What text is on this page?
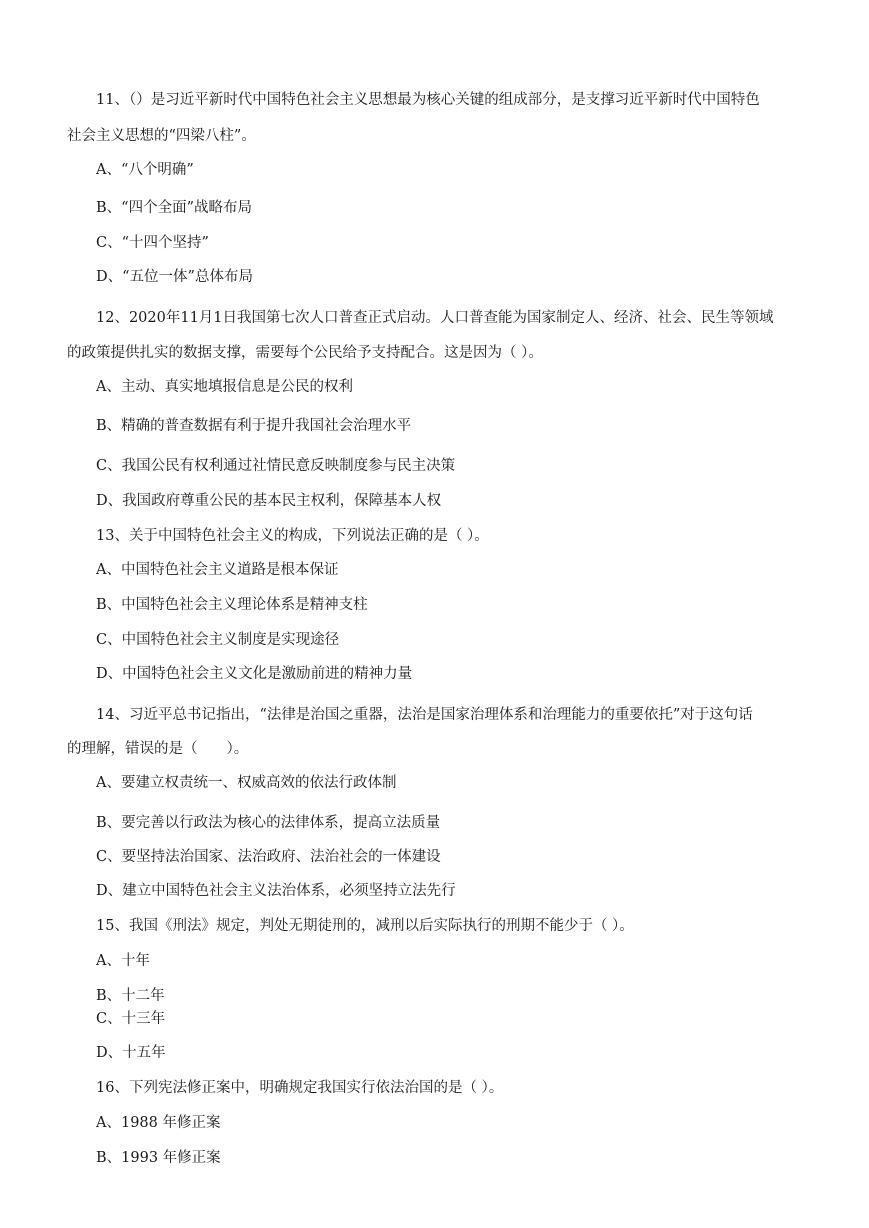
11、（）是习近平新时代中国特色社会主义思想最为核心关键的组成部分，是支撑习近平新时代中国特色
社会主义思想的“四梁八柱”。
A、“八个明确”
B、“四个全面”战略布局
C、“十四个坚持”
D、“五位一体”总体布局
12、2020年11月1日我国第七次人口普查正式启动。人口普查能为国家制定人、经济、社会、民生等领域
的政策提供扎实的数据支撑，需要每个公民给予支持配合。这是因为（ ）。
A、主动、真实地填报信息是公民的权利
B、精确的普查数据有利于提升我国社会治理水平
C、我国公民有权利通过社情民意反映制度参与民主决策
D、我国政府尊重公民的基本民主权利，保障基本人权
13、关于中国特色社会主义的构成，下列说法正确的是（ ）。
A、中国特色社会主义道路是根本保证
B、中国特色社会主义理论体系是精神支柱
C、中国特色社会主义制度是实现途径
D、中国特色社会主义文化是激励前进的精神力量
14、习近平总书记指出，“法律是治国之重器，法治是国家治理体系和治理能力的重要依托”对于这句话
的理解，错误的是（　　）。
A、要建立权责统一、权威高效的依法行政体制
B、要完善以行政法为核心的法律体系，提高立法质量
C、要坚持法治国家、法治政府、法治社会的一体建设
D、建立中国特色社会主义法治体系，必须坚持立法先行
15、我国《刑法》规定，判处无期徒刑的，减刑以后实际执行的刑期不能少于（ ）。
A、十年
B、十二年
C、十三年
D、十五年
16、下列宪法修正案中，明确规定我国实行依法治国的是（ ）。
A、1988 年修正案
B、1993 年修正案
